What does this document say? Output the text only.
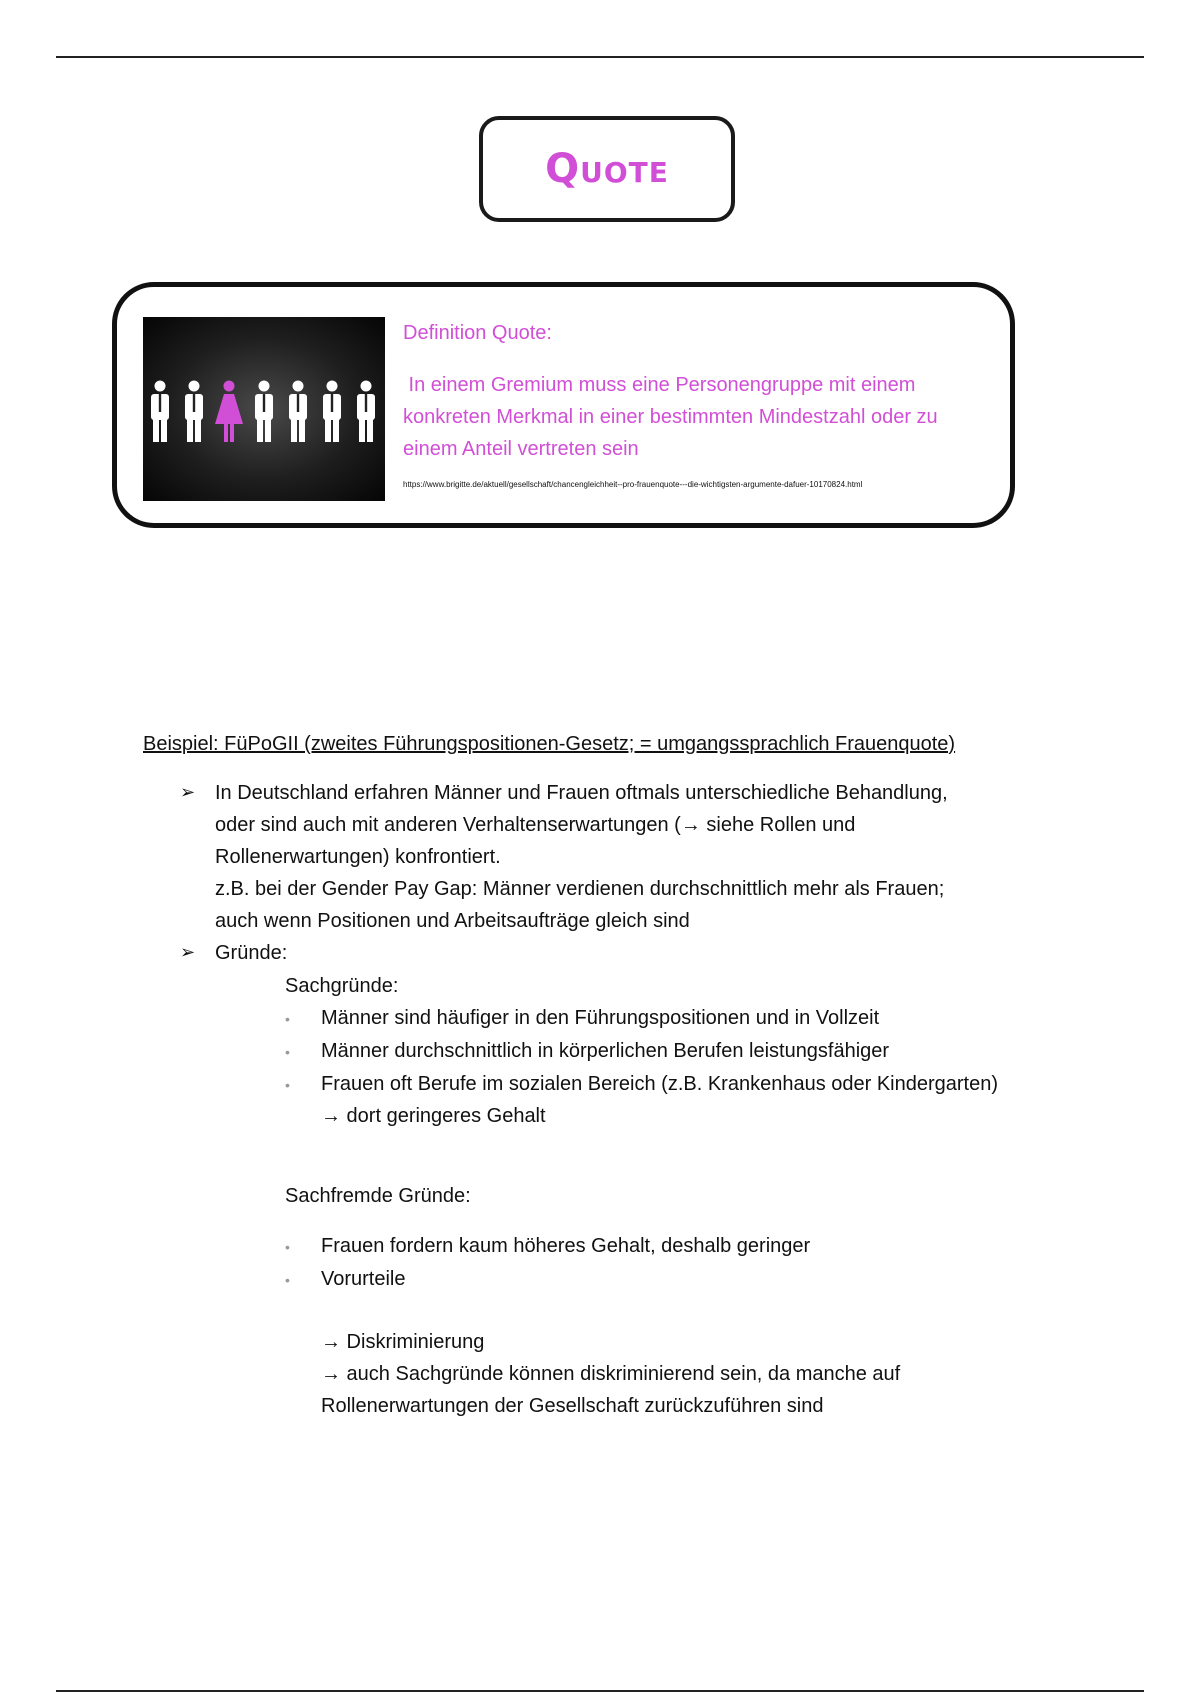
Quote
Definition Quote:
In einem Gremium muss eine Personengruppe mit einem
konkreten Merkmal in einer bestimmten Mindestzahl oder zu
einem Anteil vertreten sein
https://www.brigitte.de/aktuell/gesellschaft/chancengleichheit--pro-frauenquote---die-wichtigsten-argumente-dafuer-10170824.html
Beispiel: FüPoGII (zweites Führungspositionen-Gesetz; = umgangssprachlich Frauenquote)
➢ In Deutschland erfahren Männer und Frauen oftmals unterschiedliche Behandlung,
oder sind auch mit anderen Verhaltenserwartungen (→ siehe Rollen und
Rollenerwartungen) konfrontiert.
z.B. bei der Gender Pay Gap: Männer verdienen durchschnittlich mehr als Frauen;
auch wenn Positionen und Arbeitsaufträge gleich sind
➢ Gründe:
Sachgründe:
• Männer sind häufiger in den Führungspositionen und in Vollzeit
• Männer durchschnittlich in körperlichen Berufen leistungsfähiger
• Frauen oft Berufe im sozialen Bereich (z.B. Krankenhaus oder Kindergarten)
→ dort geringeres Gehalt
Sachfremde Gründe:
• Frauen fordern kaum höheres Gehalt, deshalb geringer
• Vorurteile
→ Diskriminierung
→ auch Sachgründe können diskriminierend sein, da manche auf
Rollenerwartungen der Gesellschaft zurückzuführen sind
